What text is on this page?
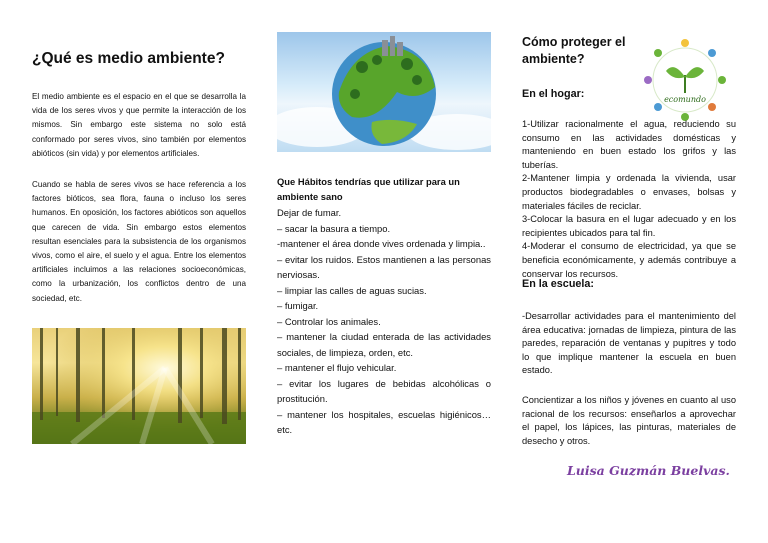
¿Qué es medio ambiente?

El medio ambiente es el espacio en el que se desarrolla la vida de los seres vivos y que permite la interacción de los mismos. Sin embargo este sistema no solo está conformado por seres vivos, sino también por elementos abióticos (sin vida) y por elementos artificiales.

Cuando se habla de seres vivos se hace referencia a los factores bióticos, sea flora, fauna o incluso los seres humanos. En oposición, los factores abióticos son aquellos que carecen de vida. Sin embargo estos elementos resultan esenciales para la subsistencia de los organismos vivos, como el aire, el suelo y el agua. Entre los elementos artificiales incluimos a las relaciones socioeconómicas, como la urbanización, los conflictos dentro de una sociedad, etc.

Que Hábitos tendrías que utilizar para un ambiente sano

Dejar de fumar.
– sacar la basura a tiempo.
-mantener el área donde vives ordenada y limpia..
– evitar los ruidos. Estos mantienen a las personas nerviosas.
– limpiar las calles de aguas sucias.
– fumigar.
– Controlar los animales.
– mantener la ciudad enterada de las actividades sociales, de limpieza, orden, etc.
– mantener el flujo vehicular.
– evitar los lugares de bebidas alcohólicas o prostitución.
– mantener los hospitales, escuelas higiénicos…etc.
Cómo proteger el ambiente?
ecomundo
En el hogar:

1-Utilizar racionalmente el agua, reduciendo su consumo en las actividades domésticas y manteniendo en buen estado los grifos y las tuberías.
2-Mantener limpia y ordenada la vivienda, usar productos biodegradables o envases, bolsas y materiales fáciles de reciclar.
3-Colocar la basura en el lugar adecuado y en los recipientes ubicados para tal fin.
4-Moderar el consumo de electricidad, ya que se beneficia económicamente, y además contribuye a conservar los recursos.

En la escuela:

-Desarrollar actividades para el mantenimiento del área educativa: jornadas de limpieza, pintura de las paredes, reparación de ventanas y pupitres y todo lo que implique mantener la escuela en buen estado.

Concientizar a los niños y jóvenes en cuanto al uso racional de los recursos: enseñarlos a aprovechar el papel, los lápices, las pinturas, materiales de desecho y otros.

Luisa Guzmán Buelvas.
